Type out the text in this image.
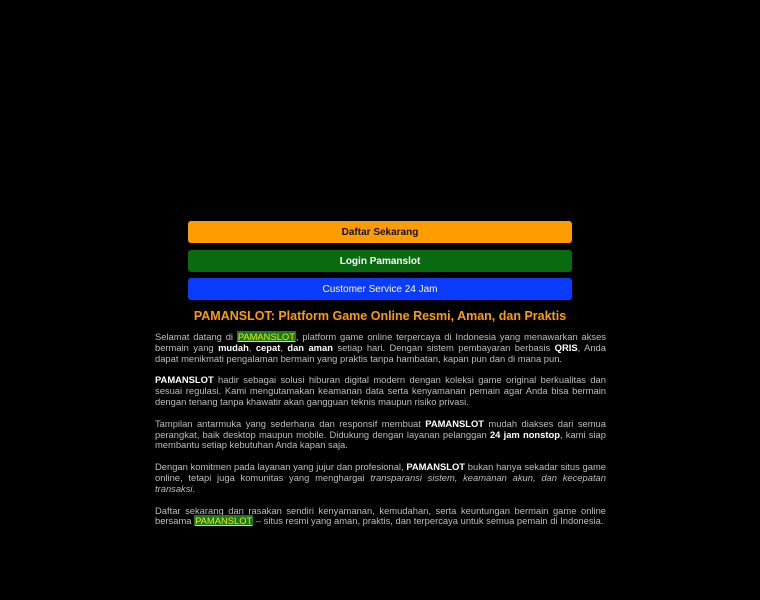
Daftar Sekarang
Login Pamanslot
Customer Service 24 Jam
PAMANSLOT: Platform Game Online Resmi, Aman, dan Praktis

Selamat datang di PAMANSLOT, platform game online terpercaya di Indonesia yang menawarkan akses bermain yang mudah, cepat, dan aman setiap hari. Dengan sistem pembayaran berbasis QRIS, Anda dapat menikmati pengalaman bermain yang praktis tanpa hambatan, kapan pun dan di mana pun.

PAMANSLOT hadir sebagai solusi hiburan digital modern dengan koleksi game original berkualitas dan sesuai regulasi. Kami mengutamakan keamanan data serta kenyamanan pemain agar Anda bisa bermain dengan tenang tanpa khawatir akan gangguan teknis maupun risiko privasi.

Tampilan antarmuka yang sederhana dan responsif membuat PAMANSLOT mudah diakses dari semua perangkat, baik desktop maupun mobile. Didukung dengan layanan pelanggan 24 jam nonstop, kami siap membantu setiap kebutuhan Anda kapan saja.

Dengan komitmen pada layanan yang jujur dan profesional, PAMANSLOT bukan hanya sekadar situs game online, tetapi juga komunitas yang menghargai transparansi sistem, keamanan akun, dan kecepatan transaksi.

Daftar sekarang dan rasakan sendiri kenyamanan, kemudahan, serta keuntungan bermain game online bersama PAMANSLOT – situs resmi yang aman, praktis, dan terpercaya untuk semua pemain di Indonesia.
